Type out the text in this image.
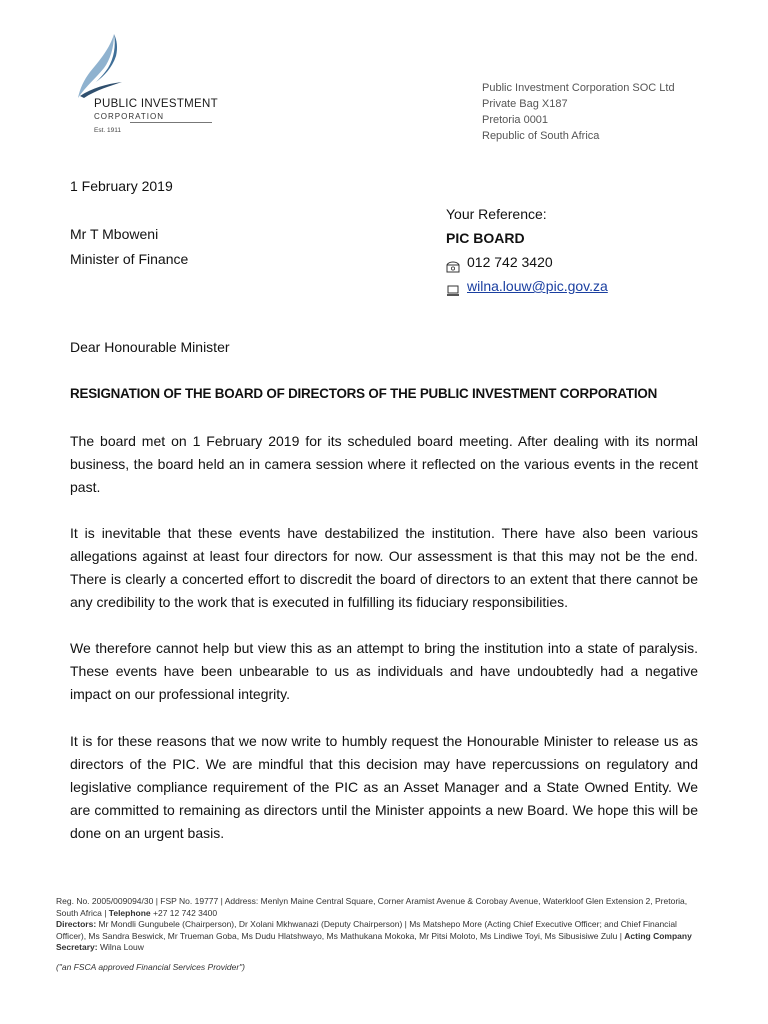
PUBLIC INVESTMENT
CORPORATION
Est. 1911
Public Investment Corporation SOC Ltd
Private Bag X187
Pretoria 0001
Republic of South Africa
1 February 2019
Mr T Mboweni
Minister of Finance
Your Reference:
PIC BOARD
012 742 3420
wilna.louw@pic.gov.za
Dear Honourable Minister
RESIGNATION OF THE BOARD OF DIRECTORS OF THE PUBLIC INVESTMENT CORPORATION

The board met on 1 February 2019 for its scheduled board meeting. After dealing with its normal business, the board held an in camera session where it reflected on the various events in the recent past.

It is inevitable that these events have destabilized the institution. There have also been various allegations against at least four directors for now. Our assessment is that this may not be the end. There is clearly a concerted effort to discredit the board of directors to an extent that there cannot be any credibility to the work that is executed in fulfilling its fiduciary responsibilities.

We therefore cannot help but view this as an attempt to bring the institution into a state of paralysis. These events have been unbearable to us as individuals and have undoubtedly had a negative impact on our professional integrity.

It is for these reasons that we now write to humbly request the Honourable Minister to release us as directors of the PIC. We are mindful that this decision may have repercussions on regulatory and legislative compliance requirement of the PIC as an Asset Manager and a State Owned Entity. We are committed to remaining as directors until the Minister appoints a new Board. We hope this will be done on an urgent basis.

Reg. No. 2005/009094/30 | FSP No. 19777 | Address: Menlyn Maine Central Square, Corner Aramist Avenue & Corobay Avenue, Waterkloof Glen Extension 2, Pretoria, South Africa | Telephone +27 12 742 3400
Directors: Mr Mondli Gungubele (Chairperson), Dr Xolani Mkhwanazi (Deputy Chairperson) | Ms Matshepo More (Acting Chief Executive Officer; and Chief Financial Officer), Ms Sandra Beswick, Mr Trueman Goba, Ms Dudu Hlatshwayo, Ms Mathukana Mokoka, Mr Pitsi Moloto, Ms Lindiwe Toyi, Ms Sibusisiwe Zulu | Acting Company Secretary: Wilna Louw
("an FSCA approved Financial Services Provider")
